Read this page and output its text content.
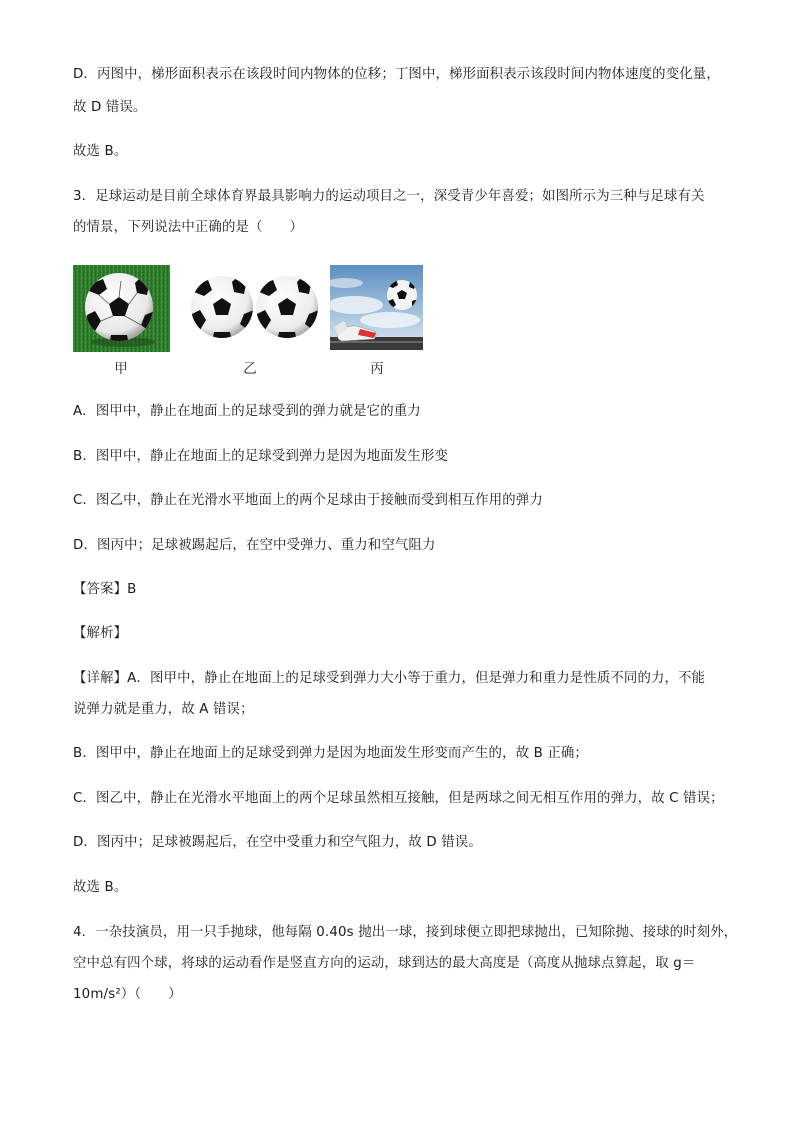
D．丙图中，梯形面积表示在该段时间内物体的位移；丁图中，梯形面积表示该段时间内物体速度的变化量，
故 D 错误。
故选 B。
3．足球运动是目前全球体育界最具影响力的运动项目之一，深受青少年喜爱；如图所示为三种与足球有关
的情景，下列说法中正确的是（　　）
甲	乙	丙
A．图甲中，静止在地面上的足球受到的弹力就是它的重力
B．图甲中，静止在地面上的足球受到弹力是因为地面发生形变
C．图乙中，静止在光滑水平地面上的两个足球由于接触而受到相互作用的弹力
D．图丙中；足球被踢起后，在空中受弹力、重力和空气阻力
【答案】B
【解析】
【详解】A．图甲中，静止在地面上的足球受到弹力大小等于重力，但是弹力和重力是性质不同的力，不能
说弹力就是重力，故 A 错误；
B．图甲中，静止在地面上的足球受到弹力是因为地面发生形变而产生的，故 B 正确；
C．图乙中，静止在光滑水平地面上的两个足球虽然相互接触，但是两球之间无相互作用的弹力，故 C 错误；
D．图丙中；足球被踢起后，在空中受重力和空气阻力，故 D 错误。
故选 B。
4．一杂技演员，用一只手抛球，他每隔 0.40s 抛出一球，接到球便立即把球抛出，已知除抛、接球的时刻外，
空中总有四个球，将球的运动看作是竖直方向的运动，球到达的最大高度是（高度从抛球点算起，取 g＝
10m/s²）（　　）
